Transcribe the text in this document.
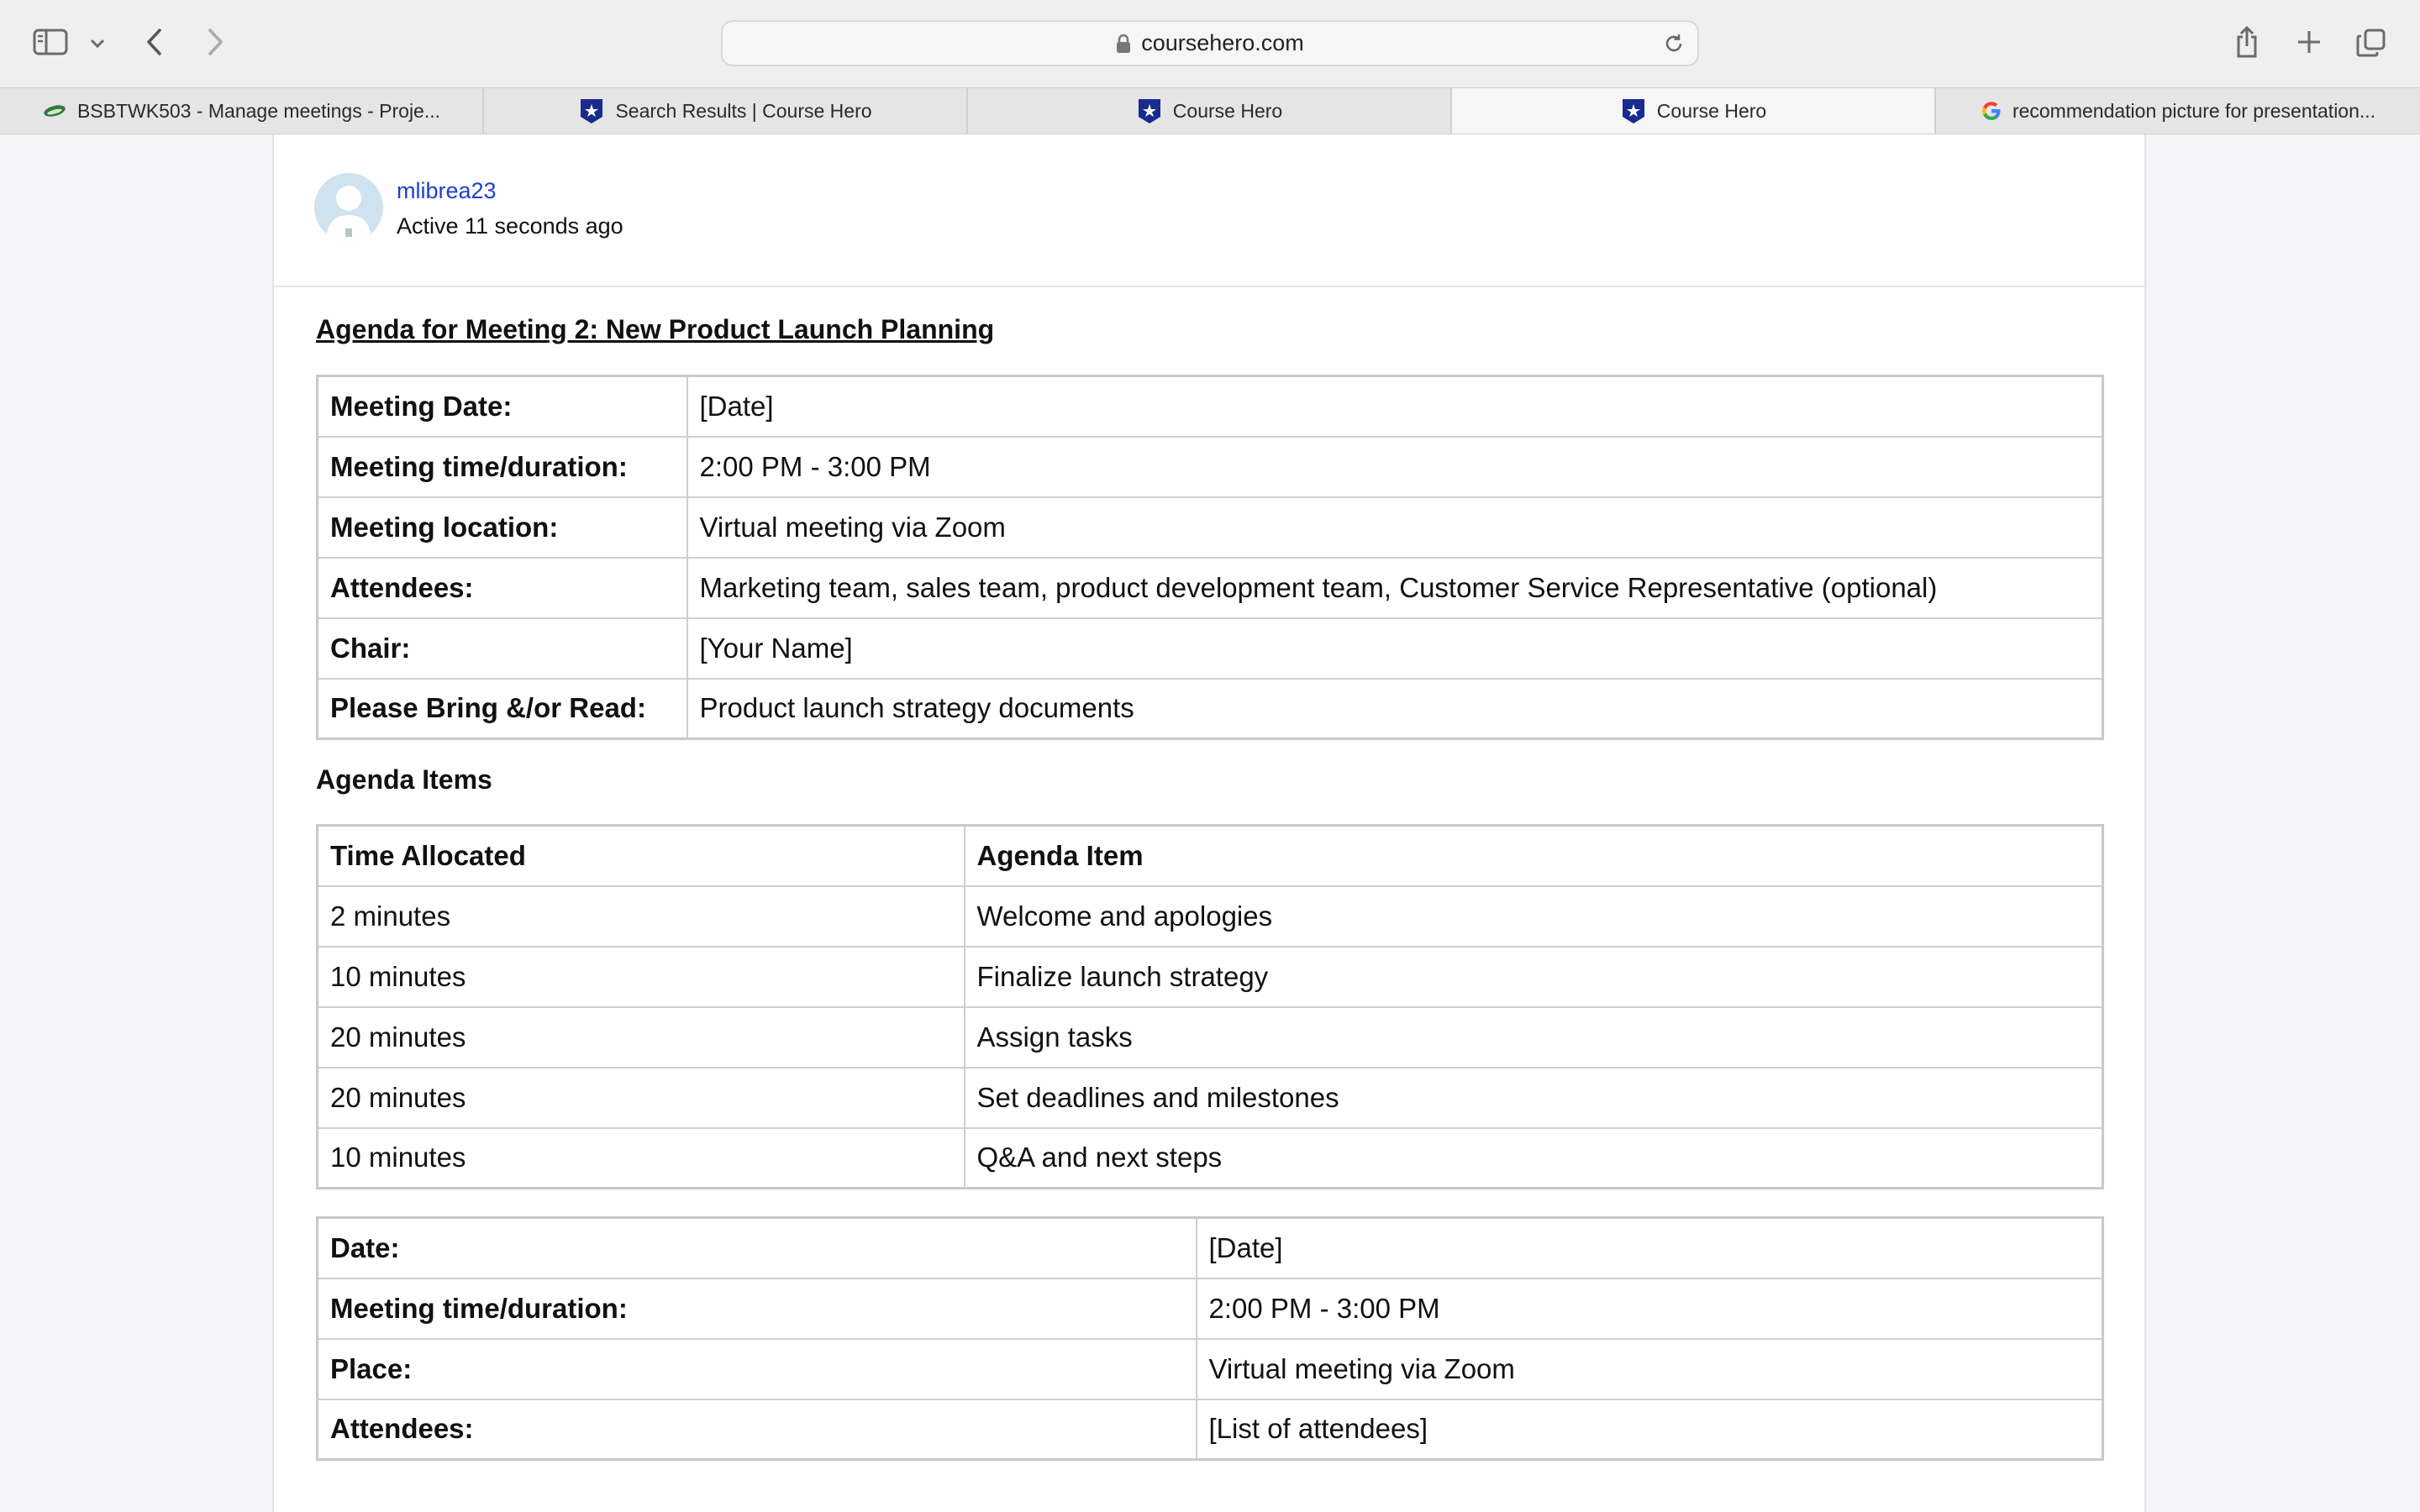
coursehero.com
BSBTWK503 - Manage meetings - Proje...	Search Results | Course Hero	Course Hero	Course Hero	recommendation picture for presentation...
mlibrea23
Active 11 seconds ago
Agenda for Meeting 2: New Product Launch Planning
Meeting Date:	[Date]
Meeting time/duration:	2:00 PM - 3:00 PM
Meeting location:	Virtual meeting via Zoom
Attendees:	Marketing team, sales team, product development team, Customer Service Representative (optional)
Chair:	[Your Name]
Please Bring &/or Read:	Product launch strategy documents
Agenda Items
Time Allocated	Agenda Item
2 minutes	Welcome and apologies
10 minutes	Finalize launch strategy
20 minutes	Assign tasks
20 minutes	Set deadlines and milestones
10 minutes	Q&A and next steps
Date:	[Date]
Meeting time/duration:	2:00 PM - 3:00 PM
Place:	Virtual meeting via Zoom
Attendees:	[List of attendees]
